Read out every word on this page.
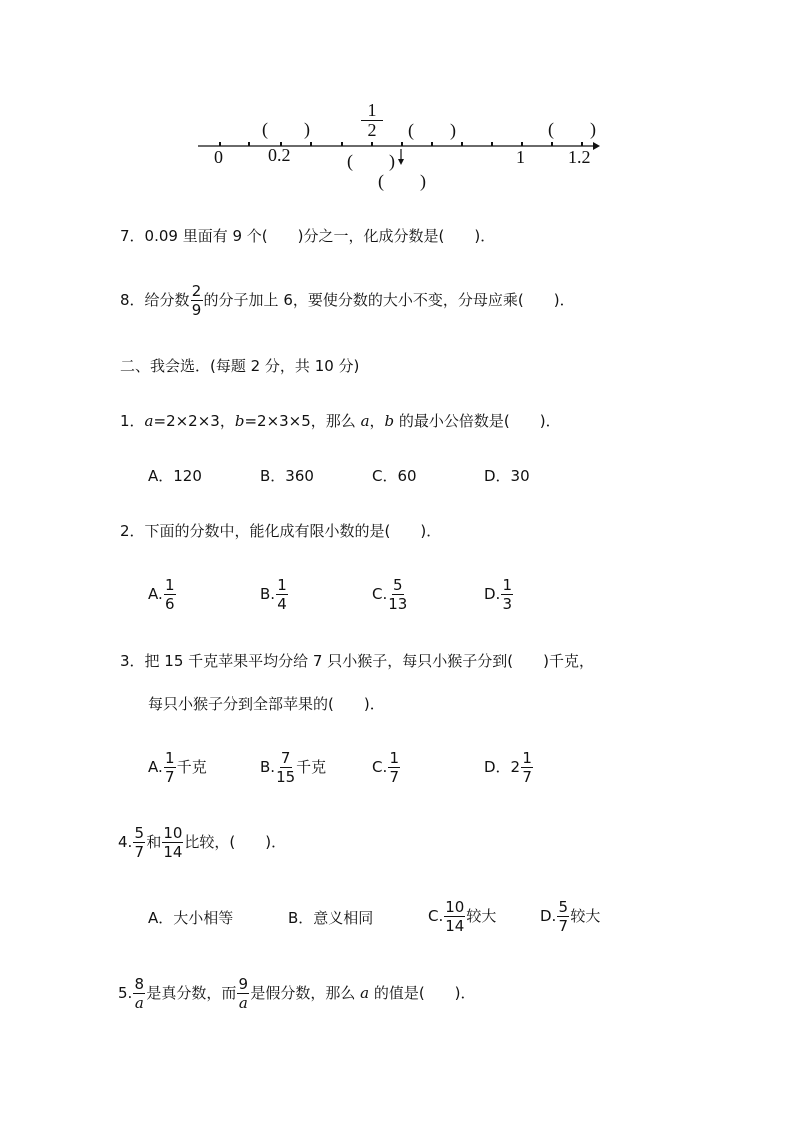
0	0.2	1 1.2
(　　)	(　　)	(　　)
(　　)
(　　)
$\frac{1}{2}$
7．0.09 里面有 9 个(　　)分之一，化成分数是(　　)．
8．给分数 $\frac{2}{9}$ 的分子加上 6，要使分数的大小不变，分母应乘(　　)．
二、我会选．(每题 2 分，共 10 分)
1．a=2×2×3，b=2×3×5，那么 a，b 的最小公倍数是(　　)．
A．120	B．360	C．60	D．30
2．下面的分数中，能化成有限小数的是(　　)．
A. $\frac{1}{6}$	B. $\frac{1}{4}$	C. $\frac{5}{13}$	D. $\frac{1}{3}$
3．把 15 千克苹果平均分给 7 只小猴子，每只小猴子分到(　　)千克，
每只小猴子分到全部苹果的(　　)．
A. $\frac{1}{7}$ 千克	B. $\frac{7}{15}$ 千克	C. $\frac{1}{7}$	D．$2 \frac{1}{7}$
4. $\frac{5}{7}$ 和 $\frac{10}{14}$ 比较，(　　)．
A．大小相等	B．意义相同	C. $\frac{10}{14}$ 较大	D. $\frac{5}{7}$ 较大
5. $\frac{8}{a}$ 是真分数，而 $\frac{9}{a}$ 是假分数，那么 a 的值是(　　)．
